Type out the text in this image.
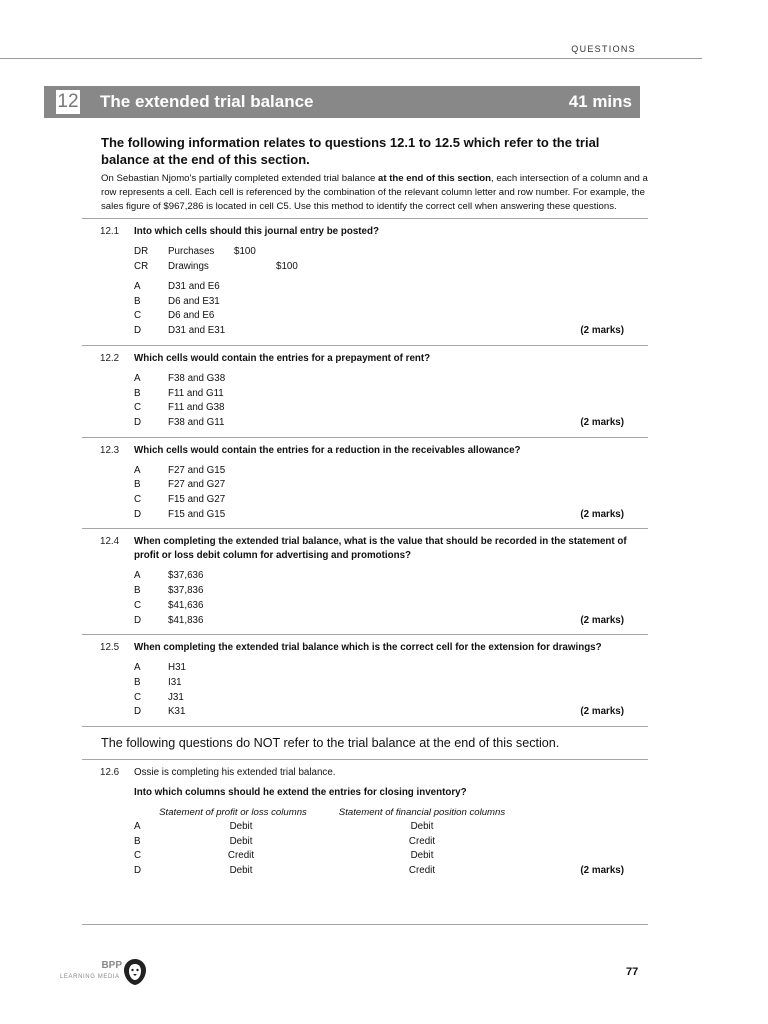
QUESTIONS
12 The extended trial balance	41 mins

The following information relates to questions 12.1 to 12.5 which refer to the trial balance at the end of this section.

On Sebastian Njomo's partially completed extended trial balance at the end of this section, each intersection of a column and a row represents a cell. Each cell is referenced by the combination of the relevant column letter and row number. For example, the sales figure of $967,286 is located in cell C5. Use this method to identify the correct cell when answering these questions.

12.1	Into which cells should this journal entry be posted?
DR	Purchases	$100
CR	Drawings	$100
A	D31 and E6
B	D6 and E31
C	D6 and E6
D	D31 and E31	(2 marks)
12.2	Which cells would contain the entries for a prepayment of rent?
A	F38 and G38
B	F11 and G11
C	F11 and G38
D	F38 and G11	(2 marks)
12.3	Which cells would contain the entries for a reduction in the receivables allowance?
A	F27 and G15
B	F27 and G27
C	F15 and G27
D	F15 and G15	(2 marks)
12.4	When completing the extended trial balance, what is the value that should be recorded in the statement of profit or loss debit column for advertising and promotions?
A	$37,636
B	$37,836
C	$41,636
D	$41,836	(2 marks)
12.5	When completing the extended trial balance which is the correct cell for the extension for drawings?
A	H31
B	I31
C	J31
D	K31	(2 marks)
The following questions do NOT refer to the trial balance at the end of this section.
12.6	Ossie is completing his extended trial balance.
Into which columns should he extend the entries for closing inventory?
Statement of profit or loss columns	Statement of financial position columns
A	Debit	Debit
B	Debit	Credit
C	Credit	Debit
D	Debit	Credit	(2 marks)
BPP
LEARNING MEDIA	77
